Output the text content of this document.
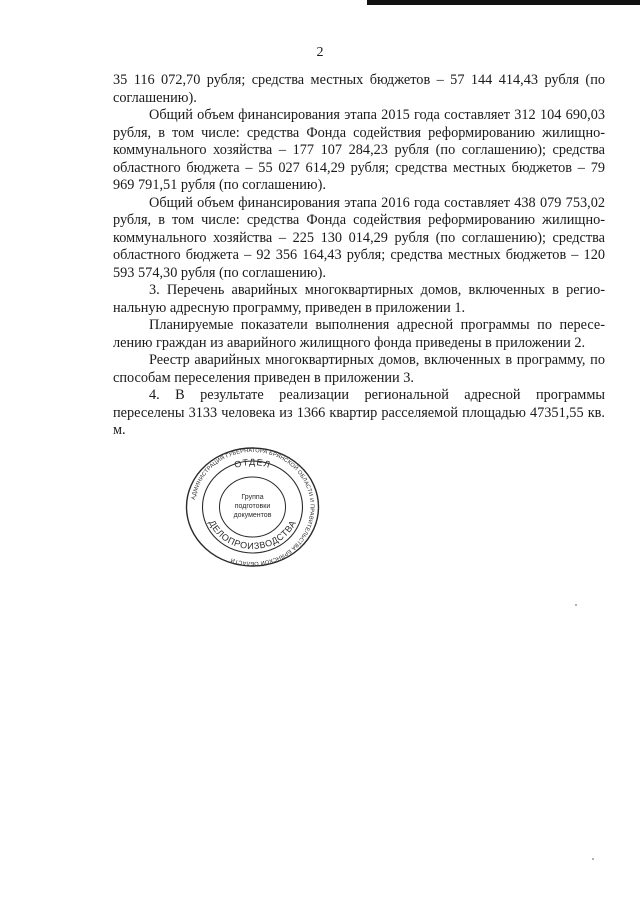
2

35 116 072,70 рубля; средства местных бюджетов – 57 144 414,43 рубля (по соглашению).

Общий объем финансирования этапа 2015 года составляет 312 104 690,03 рубля, в том числе: средства Фонда содействия реформированию жилищно-коммунального хозяйства – 177 107 284,23 рубля (по соглашению); средства областного бюджета – 55 027 614,29 рубля; средства местных бюджетов – 79 969 791,51 рубля (по соглашению).

Общий объем финансирования этапа 2016 года составляет 438 079 753,02 рубля, в том числе: средства Фонда содействия реформированию жилищно-коммунального хозяйства – 225 130 014,29 рубля (по соглашению); средства областного бюджета – 92 356 164,43 рубля; средства местных бюджетов – 120 593 574,30 рубля (по соглашению).

3. Перечень аварийных многоквартирных домов, включенных в регио-нальную адресную программу, приведен в приложении 1.

Планируемые показатели выполнения адресной программы по пересе-лению граждан из аварийного жилищного фонда приведены в приложении 2.

Реестр аварийных многоквартирных домов, включенных в программу, по способам переселения приведен в приложении 3.

4. В результате реализации региональной адресной программы переселены 3133 человека из 1366 квартир расселяемой площадью 47351,55 кв. м.

АДМИНИСТРАЦИЯ ГУБЕРНАТОРА БРЯНСКОЙ ОБЛАСТИ И ПРАВИТЕЛЬСТВА БРЯНСКОЙ ОБЛАСТИ
ОТДЕЛ
ДЕЛОПРОИЗВОДСТВА
Группа
подготовки
документов
